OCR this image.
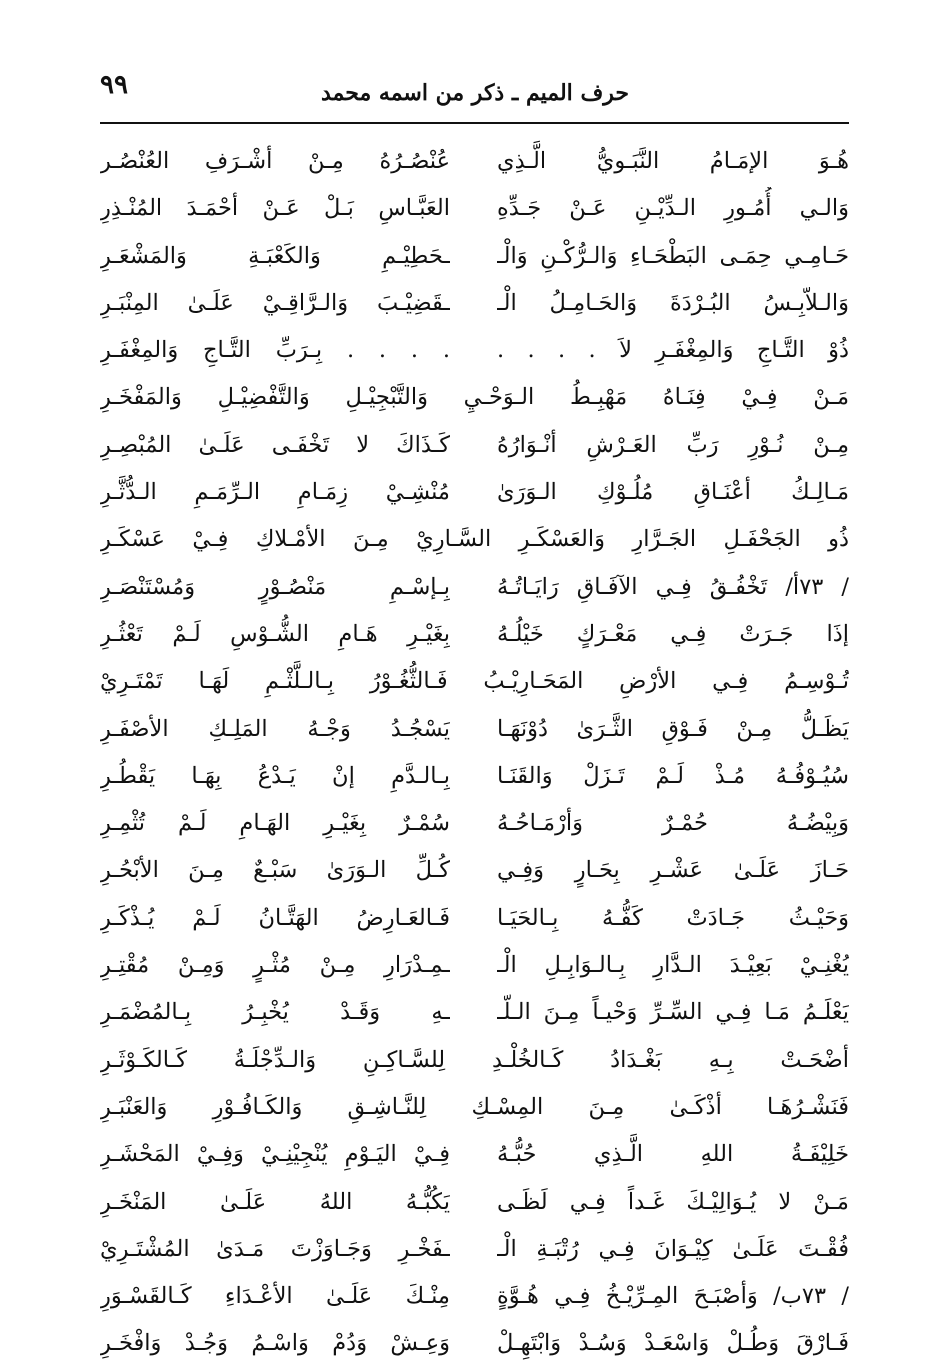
٩٩	حرف الميم ـ ذكر من اسمه محمد
هُـوَ الإمَـامُ النَّبَـويُّ الَّـذِي
عُنْصُـرُهُ مِـنْ أشْـرَفِ العُنْصُـر
وَالـي أُمُـورِ الـدِّيْـنِ عَـنْ جَـدِّهِ
العَبَّـاسِ بَـلْ عَـنْ أحْمَـدَ المُنْـذِرِ
حَـامِـي حِمَـى البَطْحَـاءِ وَالـرُّكْـنِ وَالْـ
ـحَطِيْـمِ وَالكَعْبَـةِ وَالمَشْعَـرِ
وَالـلاّبِـسُ البُـرْدَةَ وَالحَـامِـلُ الْـ
ـقَضِيْـبَ وَالـرَّاقِـيْ عَلَـىٰ المِنْبَـرِ
ذُوْ التَّـاجِ وَالمِغْفَـرِ لاَ . . . .
. . . . بِـرَبِّ التَّـاجِ وَالمِغْفَـرِ
مَـنْ فِـيْ فِنَـاهُ مَهْبِـطُ الـوَحْـيِ وَالتَّبْجِيْـلِ وَالتَّفْضِيْـلِ وَالمَفْخَـرِ
مِـنْ نُـوْرِ رَبِّ العَـرْشِ أنْـوَارُهُ
كَـذَاكَ لا تَخْفَـى عَلَـىٰ المُبْصِـرِ
مَـالِـكُ أعْنَـاقِ مُلُـوْكِ الـوَرَىٰ
مُنْشِـيْ زِمَـامِ الـرِّمَـمِ الـدُّثَّـرِ
ذُو الجَحْفَـلِ الجَـرَّارِ وَالعَسْكَـرِ السَّـارِيْ مِـنَ الأمْـلاكِ فِـيْ عَسْكَـرِ
/ ٧٣أ/ تَخْفُـقُ فِـي الآفَـاقِ رَايَـاتُـهُ
بِـإسْـمِ مَنْصُـوْرٍ وَمُسْتَنْصَـرِ
إذَا جَـرَتْ فِـي مَعْـرَكٍ خَيْلُـهُ
بِغَيْـرِ هَـامِ الشُّـوْسِ لَـمْ تَعْثُـرِ
تُـوْسِـمُ فِـي الأرْضِ المَحَـارِيْـبُ فَـالثُّغُـوْرُ بِـالـلَّثْـمِ لَهَـا تَمْتَـرِيْ
يَظَـلُّ مِـنْ فَـوْقِ الثَّـرَىٰ دُوْنَهَـا
يَسْجُـدُ وَجْـهُ المَلِـكِ الأصْفَـرِ
سُيُـوْفُـهُ مُـذْ لَـمْ تَـزَلْ وَالقَنَـا
بِـالـدَّمِ إنْ يَـدْعُ بِهَـا يَقْطُـرِ
وَبِيْضُـهُ حُمْـرٌ وَأرْمَـاحُـهُ
سُمْـرٌ بِغَيْـرِ الهَـامِ لَـمْ تُثْمِـرِ
حَـازَ عَلَـىٰ عَشْـرِ بِحَـارٍ وَفِـي
كُـلِّ الـوَرَىٰ سَبْـعٌ مِـنَ الأبْحُـرِ
وَحَيْـثُ جَـادَتْ كَفُّـهُ بِـالحَيَـا
فَـالعَـارِضُ الهَتَّـانُ لَـمْ يُـذْكَـرِ
يُغْنِـيْ بَعِيْـدَ الـدَّارِ بِـالـوَابِـلِ الْـ
ـمِـدْرَارِ مِـنْ مُثْـرٍ وَمِـنْ مُقْتِـرِ
يَعْلَـمُ مَـا فِـي السِّـرِّ وَحْيـاً مِـنَ الـلّـ
ـهِ وَقَـدْ يُخْبِـرُ بِـالمُضْمَـرِ
أضْحَـتْ بِـهِ بَغْـدَادُ كَـالخُلْـدِ لِلسَّـاكِـنِ وَالـدِّجْلَـةُ كَـالكَـوْثَـرِ
فَنَشْـرُهَـا أذْكَـىٰ مِـنَ المِسْـكِ لِلنَّـاشِـقِ وَالكَـافُـوْرِ وَالعَنْبَـرِ
خَلِيْفَـةُ اللهِ الَّـذِي حُبُّـهُ
فِـيْ اليَـوْمِ يُنْجِيْنِـيْ وَفِـيْ المَحْشَـرِ
مَـنْ لا يُـوَالِيْـكَ غَـداً فِـي لَظَـى
يَكُبُّـهُ اللهُ عَلَـىٰ المَنْخَـرِ
فُقْـتَ عَلَـىٰ كِيْـوَانَ فِـي رُتْبَـةِ الْـ
ـفَخْـرِ وَجَـاوَزْتَ مَـدَىٰ المُشْتَـرِيْ
/ ٧٣ب/ وَأصْبَـحَ المِـرِّيْـخُ فِـي هُـوَّةٍ
مِنْـكَ عَلَـىٰ الأعْـدَاءِ كَـالقَسْـوَرِ
فَـارْقَ وَطُـلْ وَاسْعَـدْ وَسُـدْ وَابْتَهِـلْ
وَعِـشْ وَدُمْ وَاسْـمُ وَجُـدْ وَافْخَـرِ
